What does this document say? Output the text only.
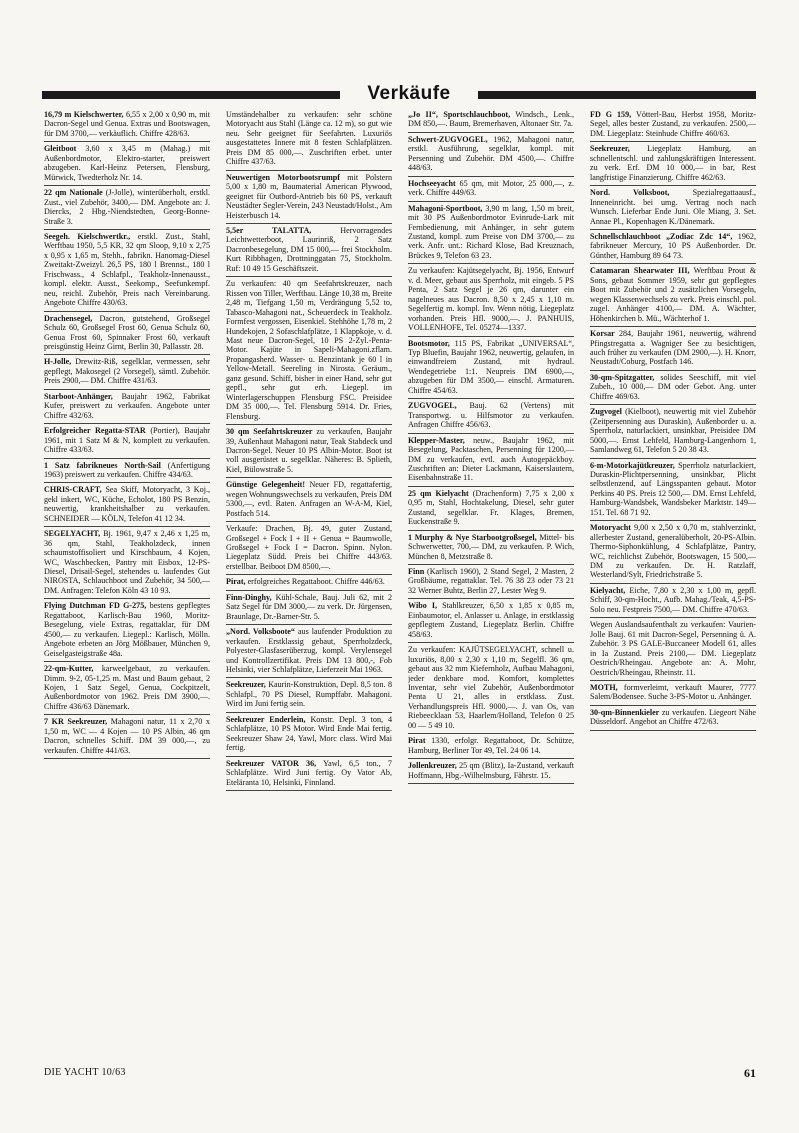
Verkäufe
16,79 m Kielschwerter, 6,55 x 2,00 x 0,90 m, mit Dacron-Segel und Genua. Extras und Bootswagen, für DM 3700,— verkäuflich. Chiffre 428/63.
Gleitboot 3,60 x 3,45 m (Mahag.) mit Außenbordmotor, Elektro-starter, preiswert abzugeben. Karl-Heinz Petersen, Flensburg, Mürwick, Twedterholz Nr. 14.
22 qm Nationale (J-Jolle), winterüberholt, erstkl. Zust., viel Zubehör, 3400,— DM. Angebote an: J. Diercks, 2 Hbg.-Niendstedten, Georg-Bonne-Straße 3.
Seegeh. Kielschwertkr., erstkl. Zust., Stahl, Werftbau 1950, 5,5 KR, 32 qm Sloop, 9,10 x 2,75 x 0,95 x 1,65 m, Stehh., fabrikn. Hanomag-Diesel Zweitakt-Zweizyl. 26,5 PS, 180 l Brennst., 180 l Frischwass., 4 Schlafpl., Teakholz-Innenausst., kompl. elektr. Ausst., Seekomp., Seefunkempf. neu, reichl. Zubehör, Preis nach Vereinbarung. Angebote Chiffre 430/63.
Drachensegel, Dacron, gutstehend, Großsegel Schulz 60, Großsegel Frost 60, Genua Schulz 60, Genua Frost 60, Spinnaker Frost 60, verkauft preisgünstig Heinz Girnt, Berlin 30, Pallasstr. 28.
H-Jolle, Drewitz-Riß, segelklar, vermessen, sehr gepflegt, Makosegel (2 Vorsegel), sämtl. Zubehör. Preis 2900,— DM. Chiffre 431/63.
Starboot-Anhänger, Baujahr 1962, Fabrikat Kufer, preiswert zu verkaufen. Angebote unter Chiffre 432/63.
Erfolgreicher Regatta-STAR (Portier), Baujahr 1961, mit 1 Satz M & N, komplett zu verkaufen. Chiffre 433/63.
1 Satz fabrikneues North-Sail (Anfertigung 1963) preiswert zu verkaufen. Chiffre 434/63.
CHRIS-CRAFT, Sea Skiff, Motoryacht, 3 Koj., gekl inkert, WC, Küche, Echolot, 180 PS Benzin, neuwertig, krankheitshalber zu verkaufen. SCHNEIDER — KÖLN, Telefon 41 12 34.
SEGELYACHT, Bj. 1961, 9,47 x 2,46 x 1,25 m, 36 qm, Stahl, Teakholzdeck, innen schaumstoffisoliert und Kirschbaum, 4 Kojen, WC, Waschbecken, Pantry mit Eisbox, 12-PS-Diesel, Drisail-Segel, stehendes u. laufendes Gut NIROSTA, Schlauchboot und Zubehör, 34 500,— DM. Anfragen: Telefon Köln 43 10 93.
Flying Dutchman FD G-275, bestens gepflegtes Regattaboot, Karlisch-Bau 1960, Moritz-Besegelung, viele Extras, regattaklar, für DM 4500,— zu verkaufen. Liegepl.: Karlisch, Mölln. Angebote erbeten an Jörg Mößbauer, München 9, Geiselgasteigstraße 48a.
22-qm-Kutter, karweelgebaut, zu verkaufen. Dimm. 9-2, 05-1,25 m. Mast und Baum gebaut, 2 Kojen, 1 Satz Segel, Genua, Cockpitzelt, Außenbordmotor von 1962. Preis DM 3900,—. Chiffre 436/63 Dänemark.
7 KR Seekreuzer, Mahagoni natur, 11 x 2,70 x 1,50 m, WC — 4 Kojen — 10 PS Albin, 46 qm Dacron, schnelles Schiff. DM 39 000,—, zu verkaufen. Chiffre 441/63.
Umständehalber zu verkaufen: sehr schöne Motoryacht aus Stahl (Länge ca. 12 m), so gut wie neu. Sehr geeignet für Seefahrten. Luxuriös ausgestattetes Innere mit 8 festen Schlafplätzen. Preis DM 85 000,—. Zuschriften erbet. unter Chiffre 437/63.
Neuwertigen Motorbootsrumpf mit Polstern 5,00 x 1,80 m, Baumaterial American Plywood, geeignet für Outbord-Antrieb bis 60 PS, verkauft Neustädter Segler-Verein, 243 Neustadt/Holst., Am Heisterbusch 14.
5,5er TALATTA,	Hervorragendes Leichtwetterboot, Laurinriß, 2 Satz Dacronbesegelung, DM 15 000,— frei Stockholm. Kurt Ribbhagen, Drottninggatan 75, Stockholm. Ruf: 10 49 15 Geschäftszeit.
Zu verkaufen: 40 qm Seefahrtskreuzer, nach Rissen von Tiller, Werftbau. Länge 10,38 m, Breite 2,48 m, Tiefgang 1,50 m, Verdrängung 5,52 to, Tabasco-Mahagoni nat., Scheuerdeck in Teakholz. Formfest vergossen, Eisenkiel. Stehhöhe 1,78 m, 2 Hundekojen, 2 Sofaschlafplätze, 1 Klappkoje, v. d. Mast neue Dacron-Segel, 10 PS 2-Zyl.-Penta-Motor. Kajüte in Sapeli-Mahagoni.zflam. Propangasherd. Wasser- u. Benzintank je 60 l in Yellow-Metall. Seereling in Nirosta. Geräum., ganz gesund. Schiff, bisher in einer Hand, sehr gut gepfl., sehr gut erh. Liegepl. im Winterlagerschuppen Flensburg FSC. Preisidee DM 35 000,—. Tel. Flensburg 5914. Dr. Fries, Flensburg.
30 qm Seefahrtskreuzer zu verkaufen, Baujahr 39, Außenhaut Mahagoni natur, Teak Stabdeck und Dacron-Segel. Neuer 10 PS Albin-Motor. Boot ist voll ausgerüstet u. segelklar. Näheres: B. Splieth, Kiel, Bülowstraße 5.
Günstige Gelegenheit! Neuer FD, regattafertig, wegen Wohnungswechsels zu verkaufen, Preis DM 5300,—, evtl. Raten. Anfragen an W-A-M, Kiel, Postfach 514.
Verkaufe: Drachen, Bj. 49, guter Zustand, Großsegel + Fock I + II + Genua = Baumwolle, Großsegel + Fock I = Dacron. Spinn. Nylon. Liegeplatz Südd. Preis bei Chiffre 443/63. erstellbar. Beiboot DM 8500,—.
Pirat, erfolgreiches Regattaboot. Chiffre 446/63.
Finn-Dinghy, Kühl-Schale, Bauj. Juli 62, mit 2 Satz Segel für DM 3000,— zu verk. Dr. Jürgensen, Braunlage, Dr.-Barner-Str. 5.
„Nord. Volksboote“ aus laufender Produktion zu verkaufen. Erstklassig gebaut, Sperrholzdeck, Polyester-Glasfaserüberzug, kompl. Verylensegel und Kontrollzertifikat. Preis DM 13 800,-, Fob Helsinki, vier Schlafplätze, Lieferzeit Mai 1963.
Seekreuzer, Kaurin-Konstruktion, Depl. 8,5 ton. 8 Schlafpl., 70 PS Diesel, Rumpffabr. Mahagoni. Wird im Juni fertig sein.
Seekreuzer Enderlein, Konstr. Depl. 3 ton, 4 Schlafplätze, 10 PS Motor. Wird Ende Mai fertig. Seekreuzer Shaw 24, Yawl, Morc class. Wird Mai fertig.
Seekreuzer VATOR 36, Yawl, 6,5 ton., 7 Schlafplätze. Wird Juni fertig. Oy Vator Ab, Eteläranta 10, Helsinki, Finnland.
„Jo II“, Sportschlauchboot, Windsch., Lenk., DM 850,—. Baum, Bremerhaven, Altonaer Str. 7a.
Schwert-ZUGVOGEL, 1962, Mahagoni natur, erstkl. Ausführung, segelklar, kompl. mit Persenning und Zubehör. DM 4500,—. Chiffre 448/63.
Hochseeyacht 65 qm, mit Motor, 25 000,—, z. verk. Chiffre 449/63.
Mahagoni-Sportboot, 3,90 m lang, 1,50 m breit, mit 30 PS Außenbordmotor Evinrude-Lark mit Fernbedienung, mit Anhänger, in sehr gutem Zustand, kompl. zum Preise von DM 3700,— zu verk. Anfr. unt.: Richard Klose, Bad Kreuznach, Brückes 9, Telefon 63 23.
Zu verkaufen: Kajütsegelyacht, Bj. 1956, Entwurf v. d. Meer, gebaut aus Sperrholz, mit eingeb. 5 PS Penta, 2 Satz Segel je 26 qm, darunter ein nagelneues aus Dacron. 8,50 x 2,45 x 1,10 m. Segelfertig m. kompl. Inv. Wenn nötig, Liegeplatz vorhanden. Preis Hfl. 9000,—. J. PANHUIS, VOLLENHOFE, Tel. 05274—1337.
Bootsmotor, 115 PS, Fabrikat „UNIVERSAL“, Typ Bluefin, Baujahr 1962, neuwertig, gelaufen, in einwandfreiem Zustand, mit hydraul. Wendegetriebe 1:1. Neupreis DM 6900,—, abzugeben für DM 3500,— einschl. Armaturen. Chiffre 454/63.
ZUGVOGEL, Bauj. 62 (Vertens) mit Transportwg. u. Hilfsmotor zu verkaufen. Anfragen Chiffre 456/63.
Klepper-Master, neuw., Baujahr 1962, mit Besegelung, Packtaschen, Persenning für 1200,— DM zu verkaufen, evtl. auch Autogepäckboy. Zuschriften an: Dieter Lackmann, Kaiserslautern, Eisenbahnstraße 11.
25 qm Kielyacht (Drachenform) 7,75 x 2,00 x 0,95 m, Stahl, Hochtakelung, Diesel, sehr guter Zustand, segelklar. Fr. Klages, Bremen, Euckenstraße 9.
1 Murphy & Nye Starbootgroßsegel, Mittel- bis Schwerwetter, 700,— DM, zu verkaufen. P. Wich, München 8, Metzstraße 8.
Finn (Karlisch 1960), 2 Stand Segel, 2 Masten, 2 Großbäume, regattaklar. Tel. 76 38 23 oder 73 21 32 Werner Buhtz, Berlin 27, Lester Weg 9.
Wibo I, Stahlkreuzer, 6,50 x 1,85 x 0,85 m, Einbaumotor, el. Anlasser u. Anlage, in erstklassig gepflegtem Zustand, Liegeplatz Berlin. Chiffre 458/63.
Zu verkaufen: KAJÜTSEGELYACHT, schnell u. luxuriös, 8,00 x 2,30 x 1,10 m, Segelfl. 36 qm, gebaut aus 32 mm Kiefernholz, Aufbau Mahagoni, jeder denkbare mod. Komfort, komplettes Inventar, sehr viel Zubehör, Außenbordmotor Penta U 21, alles in erstklass. Zust. Verhandlungspreis Hfl. 9000,—. J. van Os, van Riebeecklaan 53, Haarlem/Holland, Telefon 0 25 00 — 5 49 10.
Pirat 1330, erfolgr. Regattaboot, Dr. Schütze, Hamburg, Berliner Tor 49, Tel. 24 06 14.
Jollenkreuzer, 25 qm (Blitz), Ia-Zustand, verkauft Hoffmann, Hbg.-Wilhelmsburg, Fährstr. 15.
FD G 159, Vötterl-Bau, Herbst 1958, Moritz-Segel, alles bester Zustand, zu verkaufen. 2500,— DM. Liegeplatz: Steinhude Chiffre 460/63.
Seekreuzer, Liegeplatz Hamburg, an schnellentschl. und zahlungskräftigen Interessent. zu verk. Erf. DM 10 000,— in bar, Rest langfristige Finanzierung. Chiffre 462/63.
Nord. Volksboot,	Spezialregattaausf., Inneneinricht. bei umg. Vertrag noch nach Wunsch. Lieferbar Ende Juni. Ole Miang, 3. Set. Annae Pl., Kopenhagen K./Dänemark.
Schnellschlauchboot „Zodiac Zdc 14“, 1962, fabrikneuer Mercury, 10 PS Außenborder. Dr. Günther, Hamburg 89 64 73.
Catamaran Shearwater III, Werftbau Prout & Sons, gebaut Sommer 1959, sehr gut gepflegtes Boot mit Zubehör und 2 zusätzlichen Vorsegeln, wegen Klassenwechsels zu verk. Preis einschl. pol. zugel. Anhänger 4100,— DM. A. Wächter, Höhenkirchen b. Mü., Wächterhof 1.
Korsar 284, Baujahr 1961, neuwertig, während Pfingstregatta a. Wagniger See zu besichtigen, auch früher zu verkaufen (DM 2900,—). H. Knorr, Neustadt/Coburg, Postfach 146.
30-qm-Spitzgatter, solides Seeschiff, mit viel Zubeh., 10 000,— DM oder Gebot. Ang. unter Chiffre 469/63.
Zugvogel (Kielboot), neuwertig mit viel Zubehör (Zeitpersenning aus Duraskin), Außenborder u. a. Sperrholz, naturlackiert, unsinkbar, Preisidee DM 5000,—. Ernst Lehfeld, Hamburg-Langenhorn 1, Samlandweg 61, Telefon 5 20 38 43.
6-m-Motorkajütkreuzer, Sperrholz naturlackiert, Duraskin-Plichtpersenning, unsinkbar, Plicht selbstlenzend, auf Längsspanten gebaut. Motor Perkins 40 PS. Preis 12 500,— DM. Ernst Lehfeld, Hamburg-Wandsbek, Wandsbeker Marktstr. 149—151. Tel. 68 71 92.
Motoryacht 9,00 x 2,50 x 0,70 m, stahlverzinkt, allerbester Zustand, generalüberholt, 20-PS-Albin. Thermo-Siphonkühlung, 4 Schlafplätze, Pantry, WC, reichlichst Zubehör, Bootswagen, 15 500,— DM zu verkaufen. Dr. H. Ratzlaff, Westerland/Sylt, Friedrichstraße 5.
Kielyacht, Eiche, 7,80 x 2,30 x 1,00 m, gepfl. Schiff, 30-qm-Hocht., Aufb. Mahag./Teak, 4,5-PS-Solo neu. Festpreis 7500,— DM. Chiffre 470/63.
Wegen Auslandsaufenthalt zu verkaufen: Vaurien-Jolle Bauj. 61 mit Dacron-Segel, Persenning ü. A. Zubehör. 3 PS GALE-Buccaneer Modell 61, alles in Ia Zustand. Preis 2100,— DM. Liegeplatz Oestrich/Rheingau. Angebote an: A. Mohr, Oestrich/Rheingau, Rheinstr. 11.
MOTH, formverleimt, verkauft Maurer, 7777 Salem/Bodensee. Suche 3-PS-Motor u. Anhänger.
30-qm-Binnenkieler zu verkaufen. Liegeort Nähe Düsseldorf. Angebot an Chiffre 472/63.
DIE YACHT 10/63	61
